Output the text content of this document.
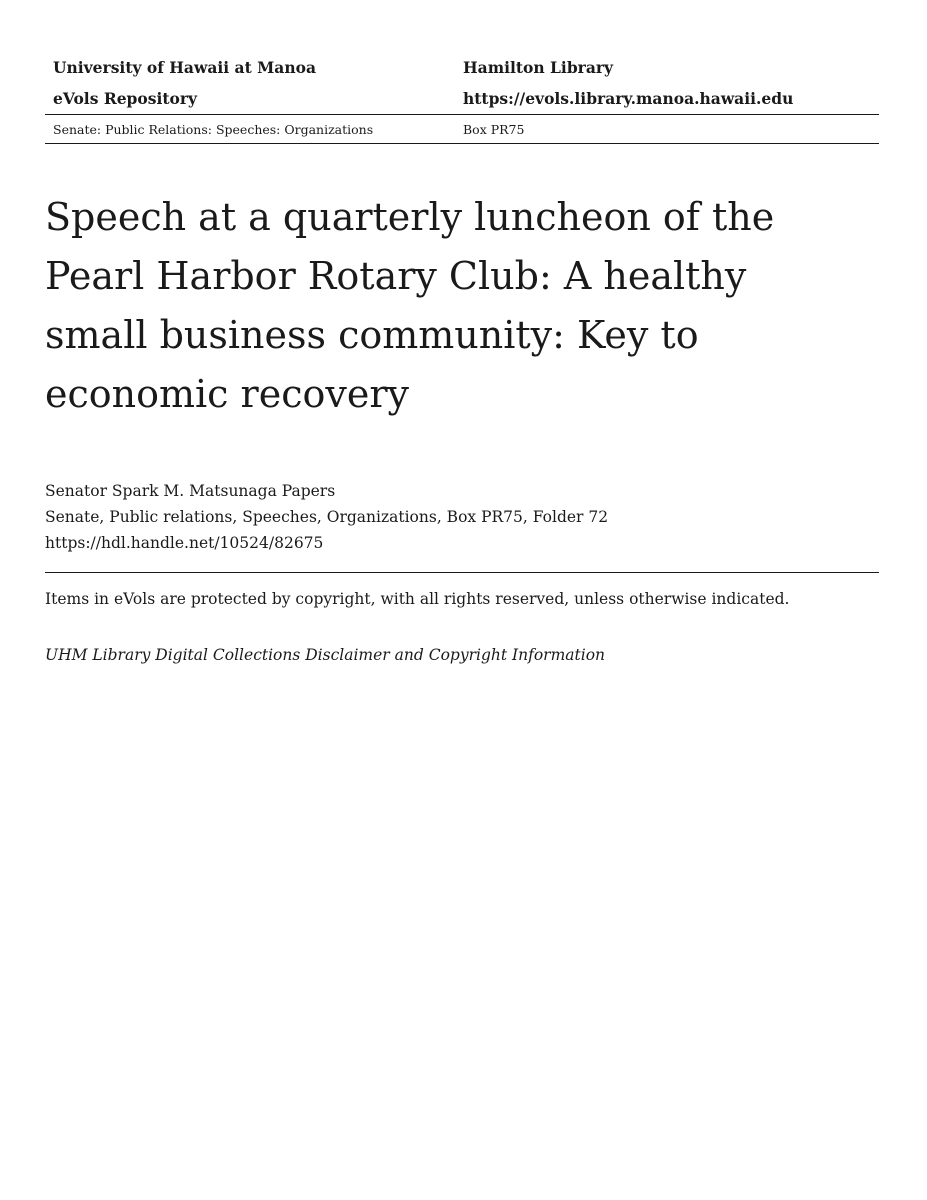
University of Hawaii at Manoa	Hamilton Library
eVols Repository	https://evols.library.manoa.hawaii.edu
Senate: Public Relations: Speeches: Organizations	Box PR75
Speech at a quarterly luncheon of the Pearl Harbor Rotary Club: A healthy small business community: Key to economic recovery
Senator Spark M. Matsunaga Papers
Senate, Public relations, Speeches, Organizations, Box PR75, Folder 72
https://hdl.handle.net/10524/82675
Items in eVols are protected by copyright, with all rights reserved, unless otherwise indicated.
UHM Library Digital Collections Disclaimer and Copyright Information
